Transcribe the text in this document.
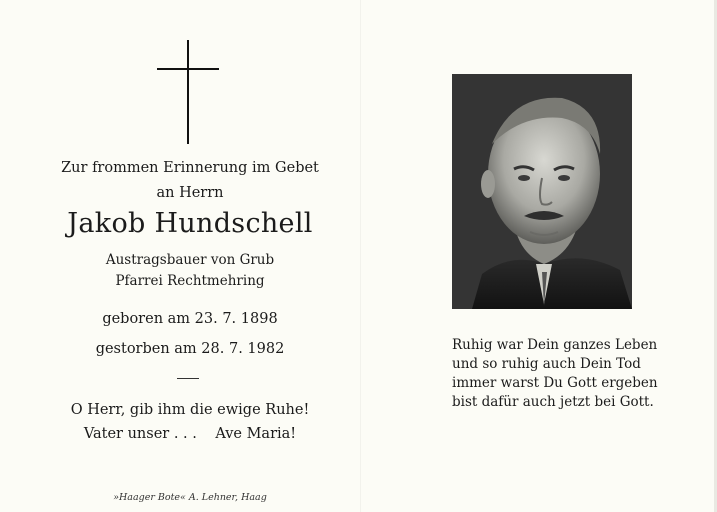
Zur frommen Erinnerung im Gebet
an Herrn
Jakob Hundschell
Austragsbauer von Grub
Pfarrei Rechtmehring
geboren am 23. 7. 1898
gestorben am 28. 7. 1982
O Herr, gib ihm die ewige Ruhe!
Vater unser . . .    Ave Maria!
»Haager Bote« A. Lehner, Haag
Ruhig war Dein ganzes Leben
und so ruhig auch Dein Tod
immer warst Du Gott ergeben
bist dafür auch jetzt bei Gott.
